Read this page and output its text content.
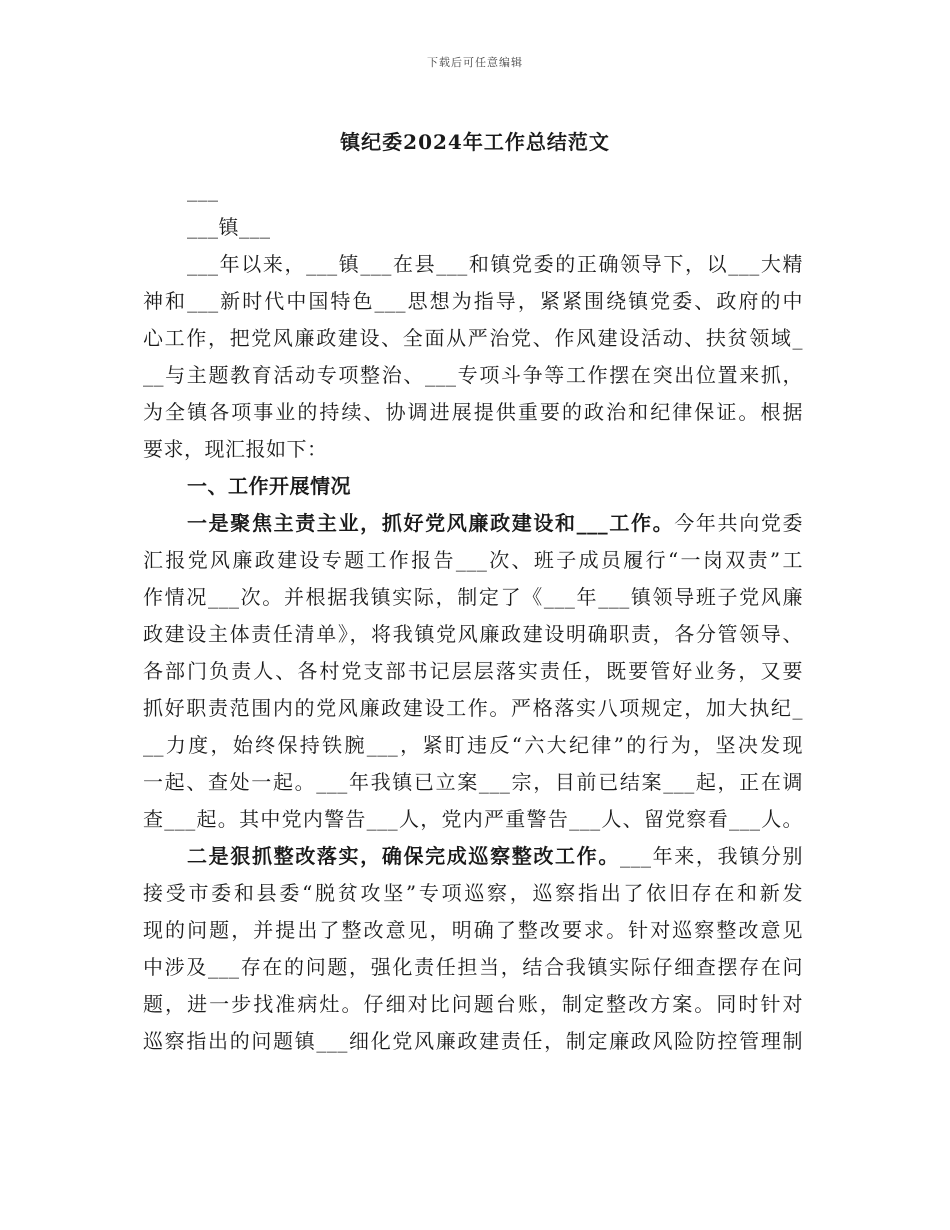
下载后可任意编辑
镇纪委2024年工作总结范文
___
___镇___
___年以来，___镇___在县___和镇党委的正确领导下，以___大精
神和___新时代中国特色___思想为指导，紧紧围绕镇党委、政府的中
心工作，把党风廉政建设、全面从严治党、作风建设活动、扶贫领域_
__与主题教育活动专项整治、___专项斗争等工作摆在突出位置来抓，
为全镇各项事业的持续、协调进展提供重要的政治和纪律保证。根据
要求，现汇报如下：
一、工作开展情况
一是聚焦主责主业，抓好党风廉政建设和___工作。今年共向党委
汇报党风廉政建设专题工作报告___次、班子成员履行“一岗双责”工
作情况___次。并根据我镇实际，制定了《___年___镇领导班子党风廉
政建设主体责任清单》，将我镇党风廉政建设明确职责，各分管领导、
各部门负责人、各村党支部书记层层落实责任，既要管好业务，又要
抓好职责范围内的党风廉政建设工作。严格落实八项规定，加大执纪_
__力度，始终保持铁腕___，紧盯违反“六大纪律”的行为，坚决发现
一起、查处一起。___年我镇已立案___宗，目前已结案___起，正在调
查___起。其中党内警告___人，党内严重警告___人、留党察看___人。
二是狠抓整改落实，确保完成巡察整改工作。___年来，我镇分别
接受市委和县委“脱贫攻坚”专项巡察，巡察指出了依旧存在和新发
现的问题，并提出了整改意见，明确了整改要求。针对巡察整改意见
中涉及___存在的问题，强化责任担当，结合我镇实际仔细查摆存在问
题，进一步找准病灶。仔细对比问题台账，制定整改方案。同时针对
巡察指出的问题镇___细化党风廉政建责任，制定廉政风险防控管理制
